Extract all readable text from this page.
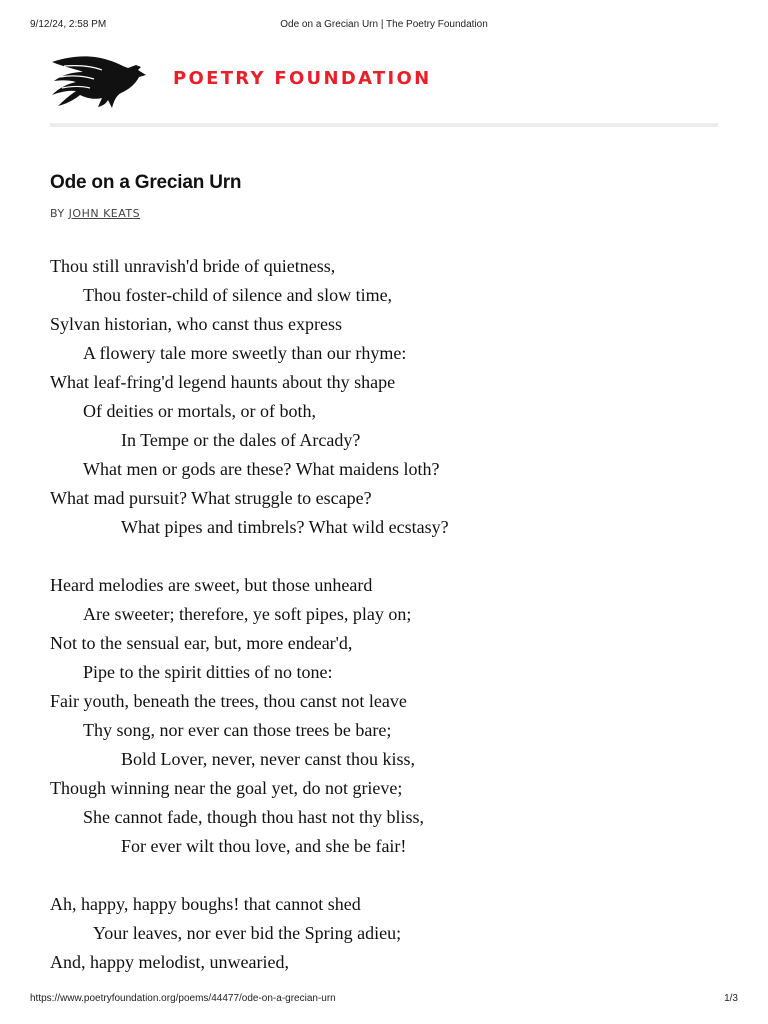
9/12/24, 2:58 PM	Ode on a Grecian Urn | The Poetry Foundation
POETRY FOUNDATION
Ode on a Grecian Urn
BY JOHN KEATS
Thou still unravish'd bride of quietness,
Thou foster-child of silence and slow time,
Sylvan historian, who canst thus express
A flowery tale more sweetly than our rhyme:
What leaf-fring'd legend haunts about thy shape
Of deities or mortals, or of both,
In Tempe or the dales of Arcady?
What men or gods are these? What maidens loth?
What mad pursuit? What struggle to escape?
What pipes and timbrels? What wild ecstasy?
Heard melodies are sweet, but those unheard
Are sweeter; therefore, ye soft pipes, play on;
Not to the sensual ear, but, more endear'd,
Pipe to the spirit ditties of no tone:
Fair youth, beneath the trees, thou canst not leave
Thy song, nor ever can those trees be bare;
Bold Lover, never, never canst thou kiss,
Though winning near the goal yet, do not grieve;
She cannot fade, though thou hast not thy bliss,
For ever wilt thou love, and she be fair!
Ah, happy, happy boughs! that cannot shed
Your leaves, nor ever bid the Spring adieu;
And, happy melodist, unwearied,
https://www.poetryfoundation.org/poems/44477/ode-on-a-grecian-urn	1/3
